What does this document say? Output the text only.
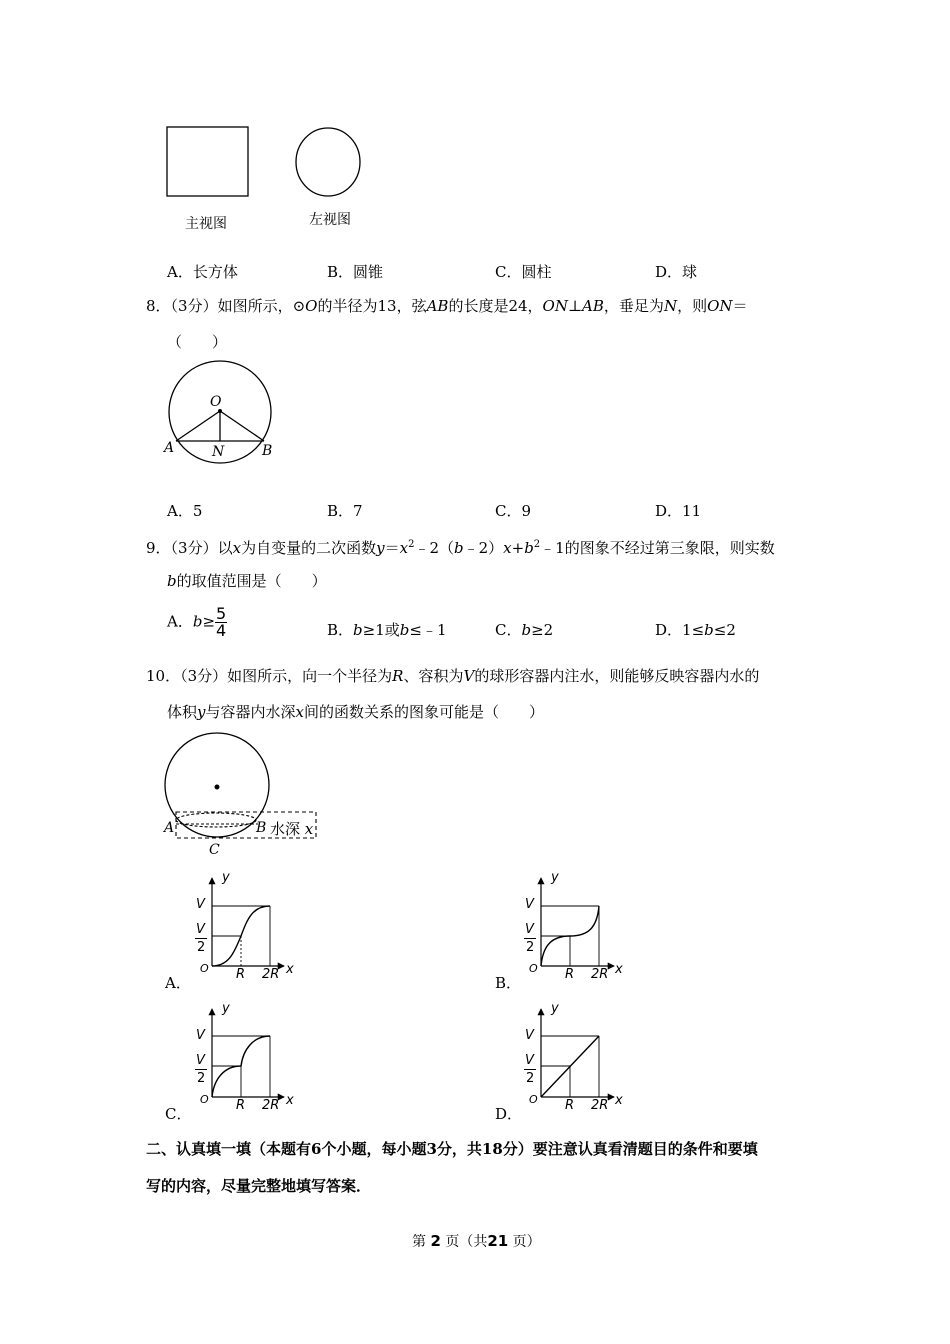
主视图	左视图
A．长方体	B．圆锥	C．圆柱	D．球
8．（3分）如图所示，⊙O的半径为13，弦AB的长度是24，ON⊥AB，垂足为N，则ON＝
（　　）
O
A	N	B
A．5	B．7	C．9	D．11
9．（3分）以x为自变量的二次函数$y=x^2﹣2(b﹣2)x+b^2﹣1$的图象不经过第三象限，则实数
b的取值范围是（　　）
A．$b\ge \frac{5}{4}$	B．b≥1或b≤﹣1	C．b≥2	D．1≤b≤2
10．（3分）如图所示，向一个半径为R、容积为V的球形容器内注水，则能够反映容器内水的
体积y与容器内水深x间的函数关系的图象可能是（　　）
A	B
C
水深 x
A．
y
x
V
V
2
O R 2R	B．
y
x
V
V
2
O R 2R
C．
y
x
V
V
2
O R 2R	D．
y
x
V
V
2
O R 2R
二、认真填一填（本题有6个小题，每小题3分，共18分）要注意认真看清题目的条件和要填
写的内容，尽量完整地填写答案．
第 2 页（共21 页）
